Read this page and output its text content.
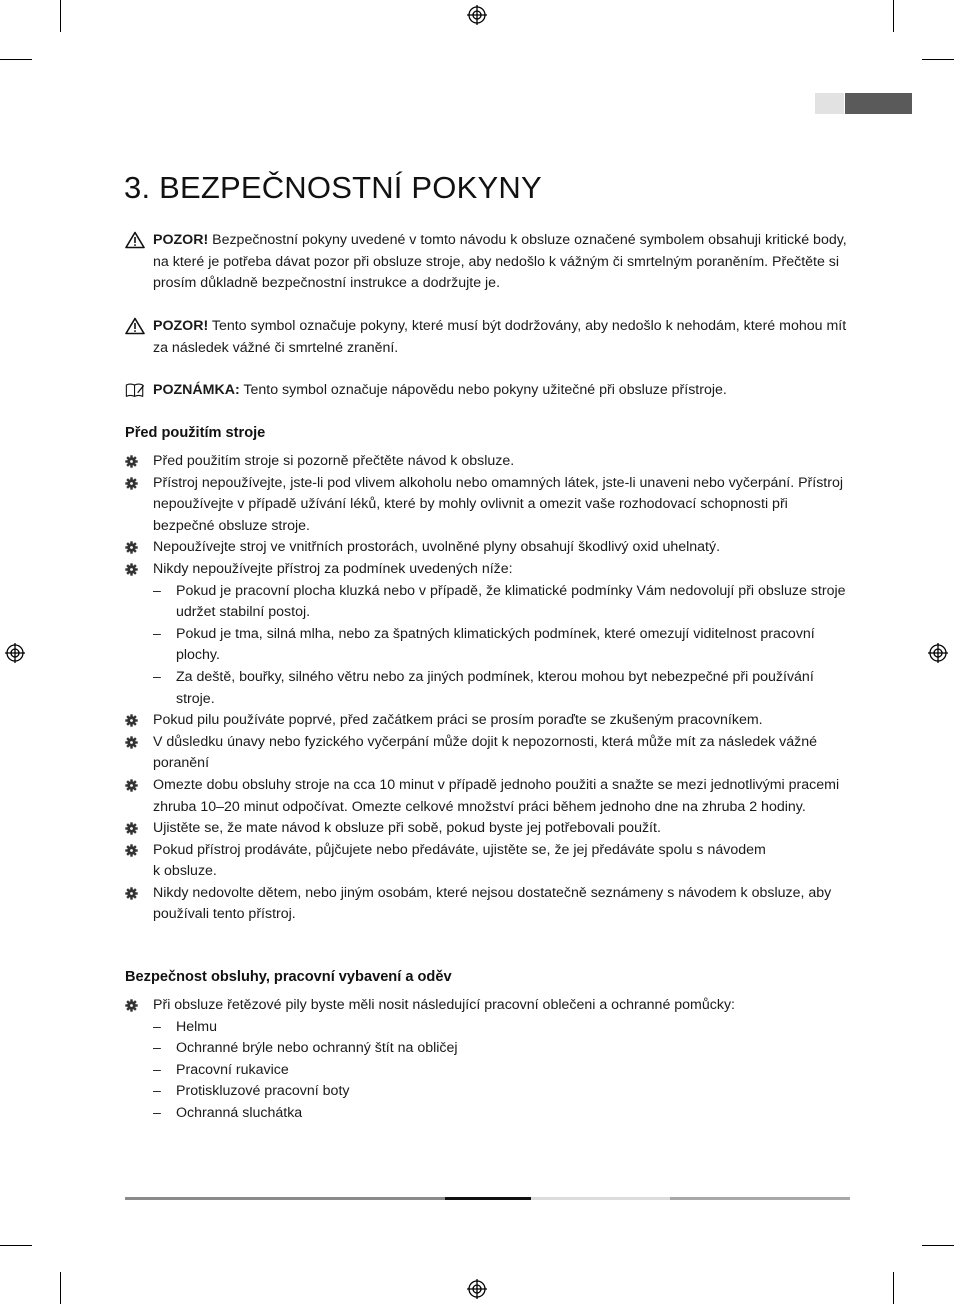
3. BEZPEČNOSTNÍ POKYNY
POZOR! Bezpečnostní pokyny uvedené v tomto návodu k obsluze označené symbolem obsahuji kritické body, na které je potřeba dávat pozor při obsluze stroje, aby nedošlo k vážným či smrtelným poraněním. Přečtěte si prosím důkladně bezpečnostní instrukce a dodržujte je.
POZOR! Tento symbol označuje pokyny, které musí být dodržovány, aby nedošlo k nehodám, které mohou mít za následek vážné či smrtelné zranění.
POZNÁMKA: Tento symbol označuje nápovědu nebo pokyny užitečné při obsluze přístroje.
Před použitím stroje
Před použitím stroje si pozorně přečtěte návod k obsluze.
Přístroj nepoužívejte, jste-li pod vlivem alkoholu nebo omamných látek, jste-li unaveni nebo vyčerpání. Přístroj nepoužívejte v případě užívání léků, které by mohly ovlivnit a omezit vaše rozhodovací schopnosti při bezpečné obsluze stroje.
Nepoužívejte stroj ve vnitřních prostorách, uvolněné plyny obsahují škodlivý oxid uhelnatý.
Nikdy nepoužívejte přístroj za podmínek uvedených níže:
– Pokud je pracovní plocha kluzká nebo v případě, že klimatické podmínky Vám nedovolují při obsluze stroje udržet stabilní postoj.
– Pokud je tma, silná mlha, nebo za špatných klimatických podmínek, které omezují viditelnost pracovní plochy.
– Za deště, bouřky, silného větru nebo za jiných podmínek, kterou mohou byt nebezpečné při používání stroje.
Pokud pilu používáte poprvé, před začátkem práci se prosím poraďte se zkušeným pracovníkem.
V důsledku únavy nebo fyzického vyčerpání může dojit k nepozornosti, která může mít za následek vážné poranění
Omezte dobu obsluhy stroje na cca 10 minut v případě jednoho použiti a snažte se mezi jednotlivými pracemi zhruba 10–20 minut odpočívat. Omezte celkové množství práci během jednoho dne na zhruba 2 hodiny.
Ujistěte se, že mate návod k obsluze při sobě, pokud byste jej potřebovali použít.
Pokud přístroj prodáváte, půjčujete nebo předáváte, ujistěte se, že jej předáváte spolu s návodem
k obsluze.
Nikdy nedovolte dětem, nebo jiným osobám, které nejsou dostatečně seznámeny s návodem k obsluze, aby používali tento přístroj.
Bezpečnost obsluhy, pracovní vybavení a oděv
Při obsluze řetězové pily byste měli nosit následující pracovní oblečeni a ochranné pomůcky:
– Helmu
– Ochranné brýle nebo ochranný štít na obličej
– Pracovní rukavice
– Protiskluzové pracovní boty
– Ochranná sluchátka
